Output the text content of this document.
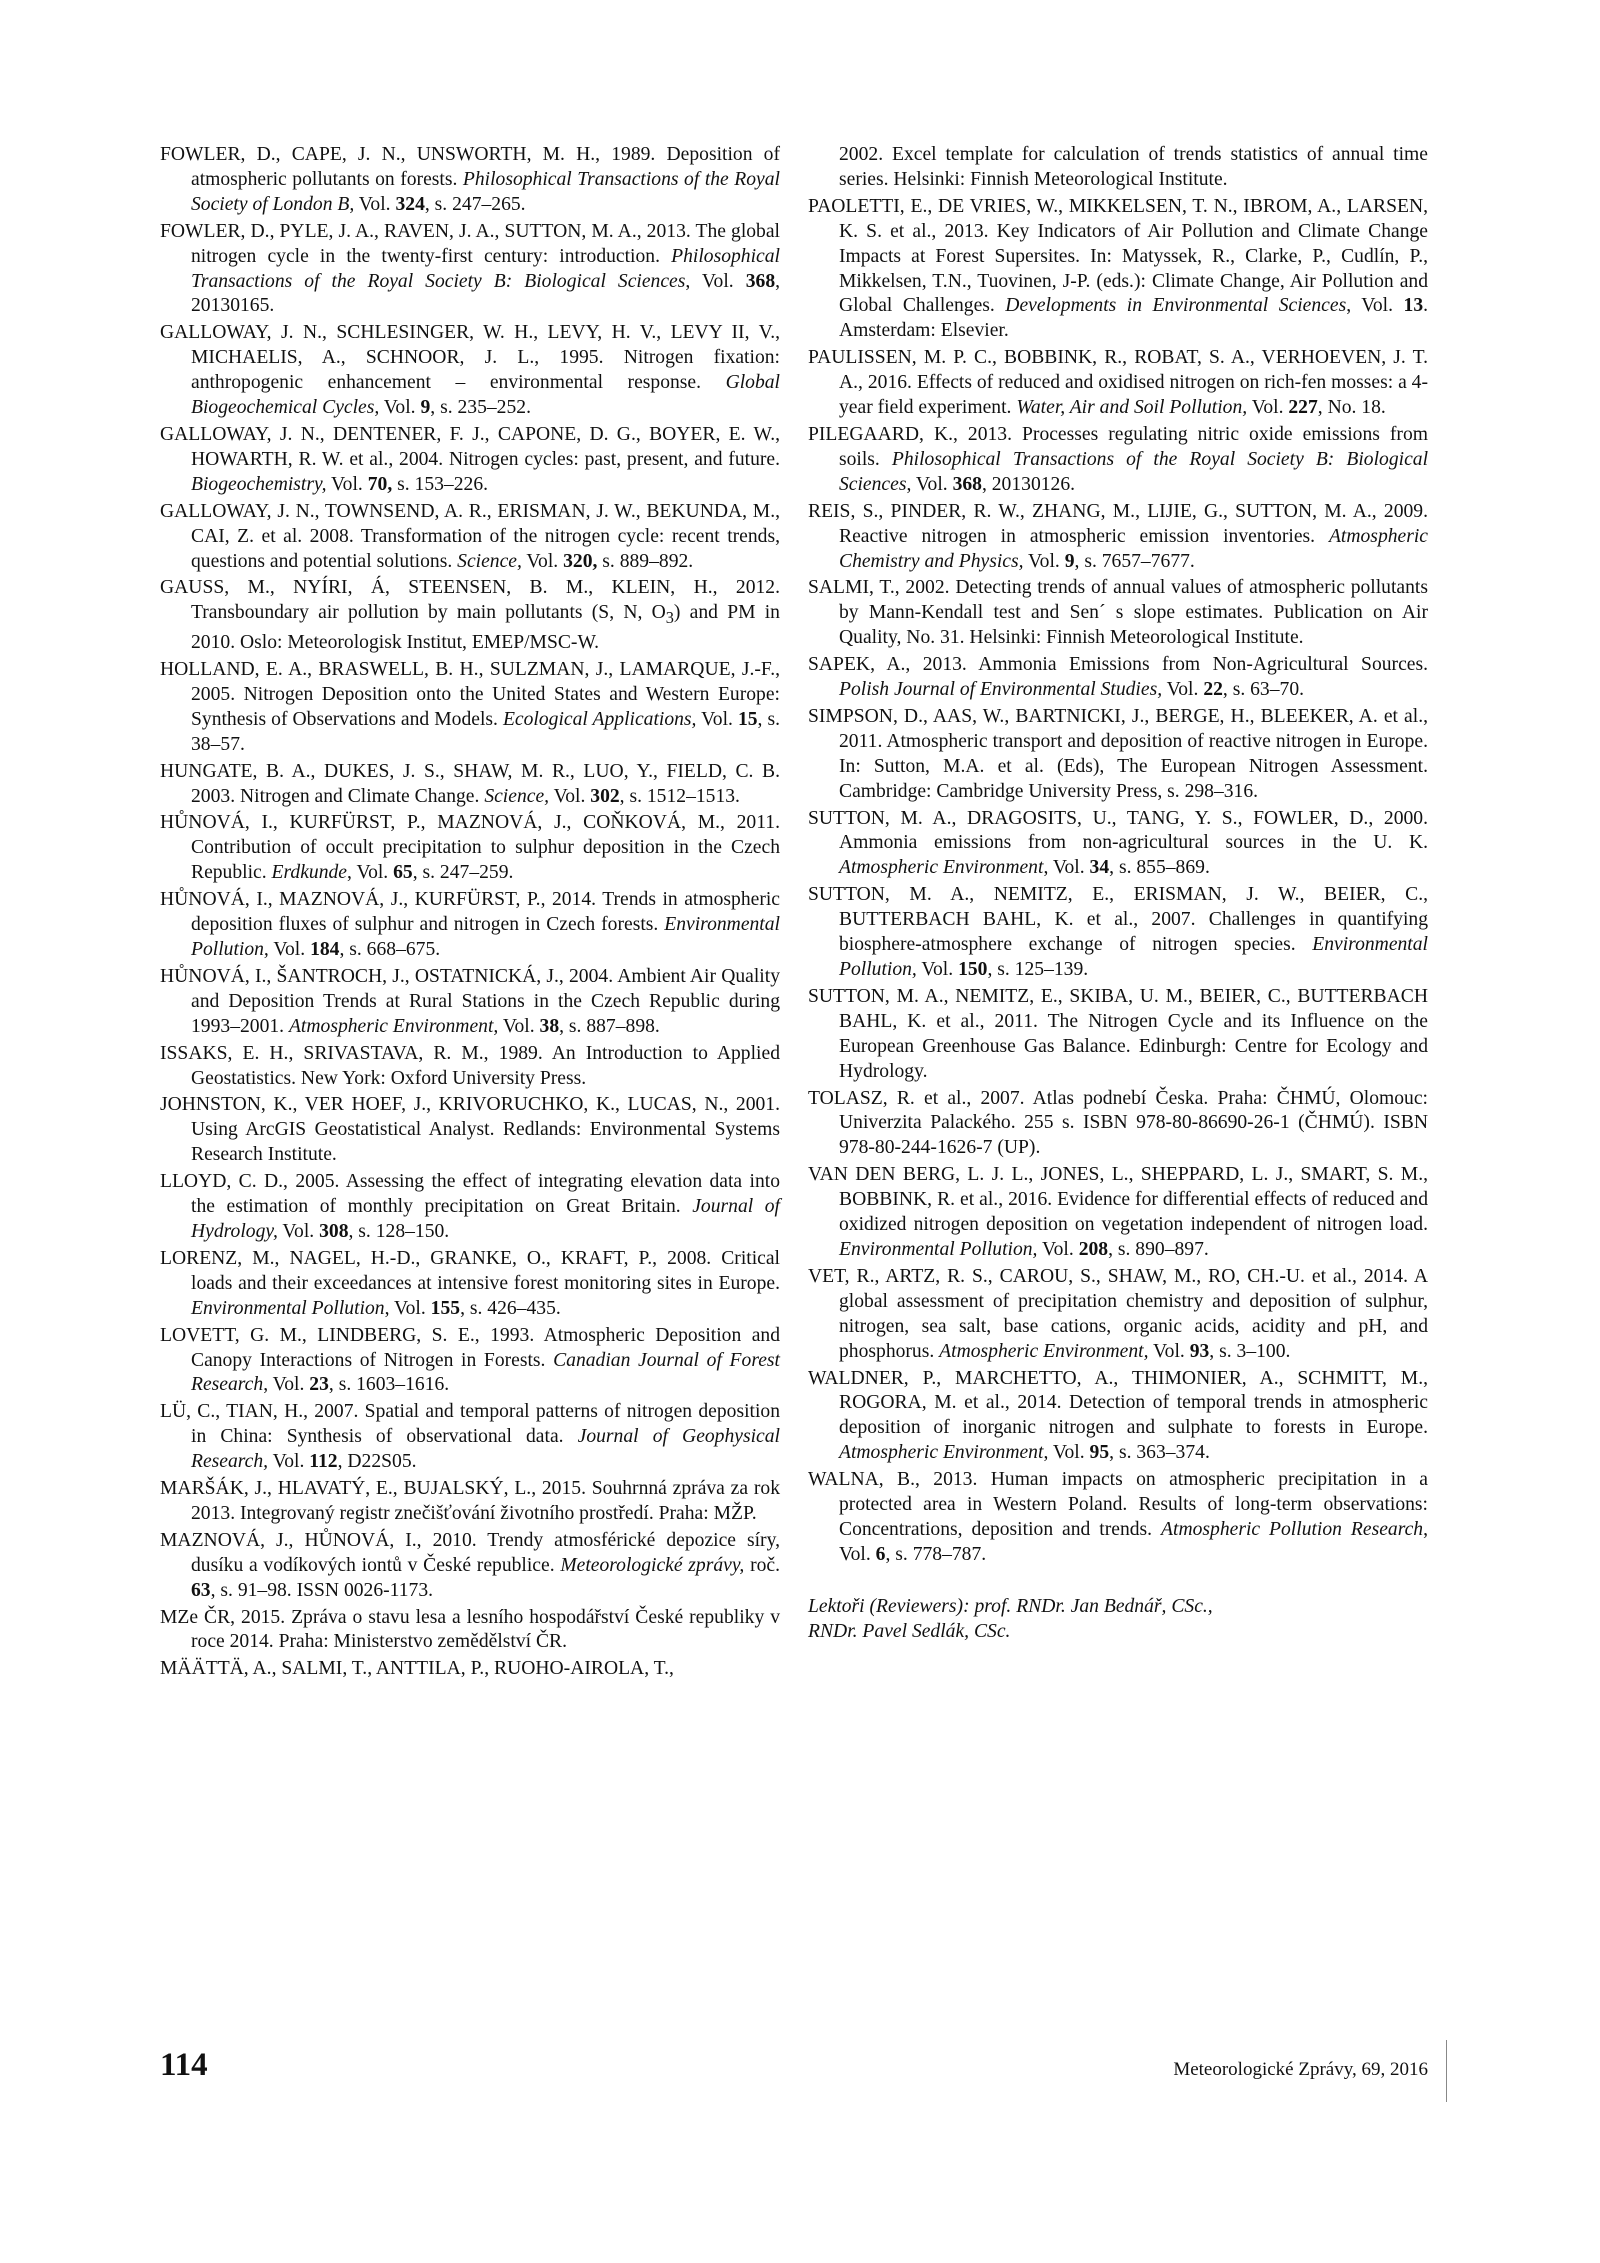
FOWLER, D., CAPE, J. N., UNSWORTH, M. H., 1989. Deposition of atmospheric pollutants on forests. Philosophical Transactions of the Royal Society of London B, Vol. 324, s. 247–265.

FOWLER, D., PYLE, J. A., RAVEN, J. A., SUTTON, M. A., 2013. The global nitrogen cycle in the twenty-first century: introduction. Philosophical Transactions of the Royal Society B: Biological Sciences, Vol. 368, 20130165.

GALLOWAY, J. N., SCHLESINGER, W. H., LEVY, H. V., LEVY II, V., MICHAELIS, A., SCHNOOR, J. L., 1995. Nitrogen fixation: anthropogenic enhancement – environmental response. Global Biogeochemical Cycles, Vol. 9, s. 235–252.

GALLOWAY, J. N., DENTENER, F. J., CAPONE, D. G., BOYER, E. W., HOWARTH, R. W. et al., 2004. Nitrogen cycles: past, present, and future. Biogeochemistry, Vol. 70, s. 153–226.

GALLOWAY, J. N., TOWNSEND, A. R., ERISMAN, J. W., BEKUNDA, M., CAI, Z. et al. 2008. Transformation of the nitrogen cycle: recent trends, questions and potential solutions. Science, Vol. 320, s. 889–892.

GAUSS, M., NYÍRI, Á, STEENSEN, B. M., KLEIN, H., 2012. Transboundary air pollution by main pollutants (S, N, $O_3$) and PM in 2010. Oslo: Meteorologisk Institut, EMEP/MSC-W.

HOLLAND, E. A., BRASWELL, B. H., SULZMAN, J., LAMARQUE, J.-F., 2005. Nitrogen Deposition onto the United States and Western Europe: Synthesis of Observations and Models. Ecological Applications, Vol. 15, s. 38–57.

HUNGATE, B. A., DUKES, J. S., SHAW, M. R., LUO, Y., FIELD, C. B. 2003. Nitrogen and Climate Change. Science, Vol. 302, s. 1512–1513.

HŮNOVÁ, I., KURFÜRST, P., MAZNOVÁ, J., COŇKOVÁ, M., 2011. Contribution of occult precipitation to sulphur deposition in the Czech Republic. Erdkunde, Vol. 65, s. 247–259.

HŮNOVÁ, I., MAZNOVÁ, J., KURFÜRST, P., 2014. Trends in atmospheric deposition fluxes of sulphur and nitrogen in Czech forests. Environmental Pollution, Vol. 184, s. 668–675.

HŮNOVÁ, I., ŠANTROCH, J., OSTATNICKÁ, J., 2004. Ambient Air Quality and Deposition Trends at Rural Stations in the Czech Republic during 1993–2001. Atmospheric Environment, Vol. 38, s. 887–898.

ISSAKS, E. H., SRIVASTAVA, R. M., 1989. An Introduction to Applied Geostatistics. New York: Oxford University Press.

JOHNSTON, K., VER HOEF, J., KRIVORUCHKO, K., LUCAS, N., 2001. Using ArcGIS Geostatistical Analyst. Redlands: Environmental Systems Research Institute.

LLOYD, C. D., 2005. Assessing the effect of integrating elevation data into the estimation of monthly precipitation on Great Britain. Journal of Hydrology, Vol. 308, s. 128–150.

LORENZ, M., NAGEL, H.-D., GRANKE, O., KRAFT, P., 2008. Critical loads and their exceedances at intensive forest monitoring sites in Europe. Environmental Pollution, Vol. 155, s. 426–435.

LOVETT, G. M., LINDBERG, S. E., 1993. Atmospheric Deposition and Canopy Interactions of Nitrogen in Forests. Canadian Journal of Forest Research, Vol. 23, s. 1603–1616.

LÜ, C., TIAN, H., 2007. Spatial and temporal patterns of nitrogen deposition in China: Synthesis of observational data. Journal of Geophysical Research, Vol. 112, D22S05.

MARŠÁK, J., HLAVATÝ, E., BUJALSKÝ, L., 2015. Souhrnná zpráva za rok 2013. Integrovaný registr znečišťování životního prostředí. Praha: MŽP.

MAZNOVÁ, J., HŮNOVÁ, I., 2010. Trendy atmosférické depozice síry, dusíku a vodíkových iontů v České republice. Meteorologické zprávy, roč. 63, s. 91–98. ISSN 0026-1173.

MZe ČR, 2015. Zpráva o stavu lesa a lesního hospodářství České republiky v roce 2014. Praha: Ministerstvo zemědělství ČR.

MÄÄTTÄ, A., SALMI, T., ANTTILA, P., RUOHO-AIROLA, T.,

2002. Excel template for calculation of trends statistics of annual time series. Helsinki: Finnish Meteorological Institute.

PAOLETTI, E., DE VRIES, W., MIKKELSEN, T. N., IBROM, A., LARSEN, K. S. et al., 2013. Key Indicators of Air Pollution and Climate Change Impacts at Forest Supersites. In: Matyssek, R., Clarke, P., Cudlín, P., Mikkelsen, T.N., Tuovinen, J-P. (eds.): Climate Change, Air Pollution and Global Challenges. Developments in Environmental Sciences, Vol. 13. Amsterdam: Elsevier.

PAULISSEN, M. P. C., BOBBINK, R., ROBAT, S. A., VERHOEVEN, J. T. A., 2016. Effects of reduced and oxidised nitrogen on rich-fen mosses: a 4-year field experiment. Water, Air and Soil Pollution, Vol. 227, No. 18.

PILEGAARD, K., 2013. Processes regulating nitric oxide emissions from soils. Philosophical Transactions of the Royal Society B: Biological Sciences, Vol. 368, 20130126.

REIS, S., PINDER, R. W., ZHANG, M., LIJIE, G., SUTTON, M. A., 2009. Reactive nitrogen in atmospheric emission inventories. Atmospheric Chemistry and Physics, Vol. 9, s. 7657–7677.

SALMI, T., 2002. Detecting trends of annual values of atmospheric pollutants by Mann-Kendall test and Sen´ s slope estimates. Publication on Air Quality, No. 31. Helsinki: Finnish Meteorological Institute.

SAPEK, A., 2013. Ammonia Emissions from Non-Agricultural Sources. Polish Journal of Environmental Studies, Vol. 22, s. 63–70.

SIMPSON, D., AAS, W., BARTNICKI, J., BERGE, H., BLEEKER, A. et al., 2011. Atmospheric transport and deposition of reactive nitrogen in Europe. In: Sutton, M.A. et al. (Eds), The European Nitrogen Assessment. Cambridge: Cambridge University Press, s. 298–316.

SUTTON, M. A., DRAGOSITS, U., TANG, Y. S., FOWLER, D., 2000. Ammonia emissions from non-agricultural sources in the U. K. Atmospheric Environment, Vol. 34, s. 855–869.

SUTTON, M. A., NEMITZ, E., ERISMAN, J. W., BEIER, C., BUTTERBACH BAHL, K. et al., 2007. Challenges in quantifying biosphere-atmosphere exchange of nitrogen species. Environmental Pollution, Vol. 150, s. 125–139.

SUTTON, M. A., NEMITZ, E., SKIBA, U. M., BEIER, C., BUTTERBACH BAHL, K. et al., 2011. The Nitrogen Cycle and its Influence on the European Greenhouse Gas Balance. Edinburgh: Centre for Ecology and Hydrology.

TOLASZ, R. et al., 2007. Atlas podnebí Česka. Praha: ČHMÚ, Olomouc: Univerzita Palackého. 255 s. ISBN 978-80-86690-26-1 (ČHMÚ). ISBN 978-80-244-1626-7 (UP).

VAN DEN BERG, L. J. L., JONES, L., SHEPPARD, L. J., SMART, S. M., BOBBINK, R. et al., 2016. Evidence for differential effects of reduced and oxidized nitrogen deposition on vegetation independent of nitrogen load. Environmental Pollution, Vol. 208, s. 890–897.

VET, R., ARTZ, R. S., CAROU, S., SHAW, M., RO, CH.-U. et al., 2014. A global assessment of precipitation chemistry and deposition of sulphur, nitrogen, sea salt, base cations, organic acids, acidity and pH, and phosphorus. Atmospheric Environment, Vol. 93, s. 3–100.

WALDNER, P., MARCHETTO, A., THIMONIER, A., SCHMITT, M., ROGORA, M. et al., 2014. Detection of temporal trends in atmospheric deposition of inorganic nitrogen and sulphate to forests in Europe. Atmospheric Environment, Vol. 95, s. 363–374.

WALNA, B., 2013. Human impacts on atmospheric precipitation in a protected area in Western Poland. Results of long-term observations: Concentrations, deposition and trends. Atmospheric Pollution Research, Vol. 6, s. 778–787.

Lektoři (Reviewers): prof. RNDr. Jan Bednář, CSc.,
RNDr. Pavel Sedlák, CSc.
114	Meteorologické Zprávy, 69, 2016
